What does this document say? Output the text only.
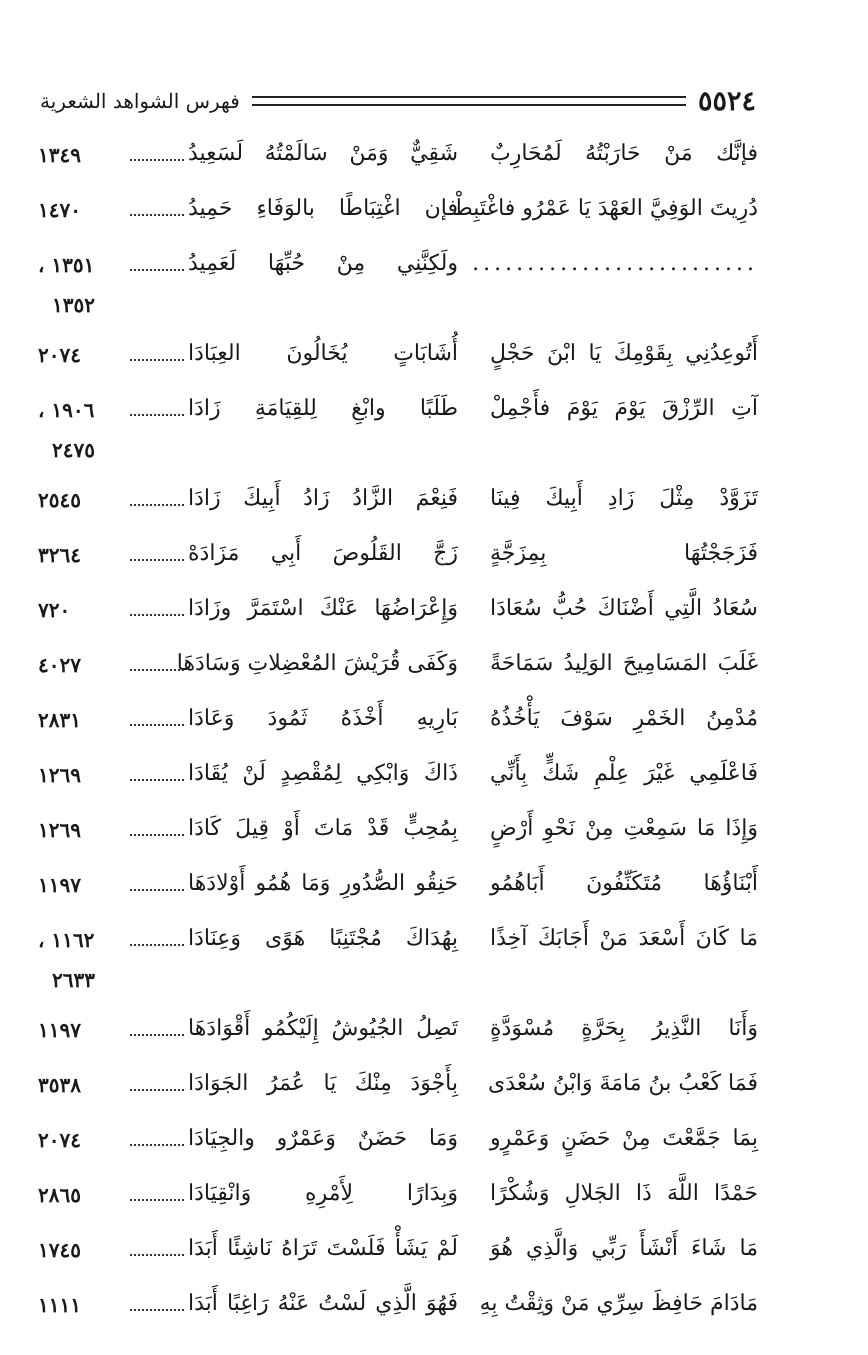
٥٥٢٤
فهرس الشواهد الشعرية
فإنَّك مَنْ حَارَبْتُهُ لَمُحَارِبٌ
شَقِيٌّ وَمَنْ سَالَمْتُهُ لَسَعِيدُ
١٣٤٩
دُرِيتَ الوَفِيَّ العَهْدَ يَا عَمْرُو فاغْتَبِطْ
فإن اغْتِبَاطًا بالوَفَاءِ حَمِيدُ
١٤٧٠
..........................
ولَكِنَّنِي مِنْ حُبِّهَا لَعَمِيدُ
١٣٥١ ،
١٣٥٢
أَتُوعِدُنِي بِقَوْمِكَ يَا ابْنَ حَجْلٍ
أُشَابَاتٍ يُخَالُونَ العِبَادَا
٢٠٧٤
آتِ الرِّزْقَ يَوْمَ يَوْمَ فأَجْمِلْ
طَلَبًا وابْغِ لِلقِيَامَةِ زَادَا
١٩٠٦ ،
٢٤٧٥
تَزَوَّدْ مِثْلَ زَادِ أَبِيكَ فِينَا
فَنِعْمَ الزَّادُ زَادُ أَبِيكَ زَادَا
٢٥٤٥
فَزَجَجْتُهَا بِمِزَجَّةٍ
زَجَّ القَلُوصَ أَبِي مَزَادَهْ
٣٢٦٤
سُعَادُ الَّتِي أَضْنَاكَ حُبُّ سُعَادَا
وَإِعْرَاضُهَا عَنْكَ اسْتَمَرَّ وزَادَا
٧٢٠
غَلَبَ المَسَامِيحَ الوَلِيدُ سَمَاحَةً
وَكَفَى قُرَيْشَ المُعْضِلاتِ وَسَادَهَا
٤٠٢٧
مُدْمِنُ الخَمْرِ سَوْفَ يَأْخُذُهُ
بَارِيهِ أَخْذَهُ ثَمُودَ وَعَادَا
٢٨٣١
فَاعْلَمِي غَيْرَ عِلْمِ شَكٍّ بِأَنِّي
ذَاكَ وَابْكِي لِمُقْصِدٍ لَنْ يُقَادَا
١٢٦٩
وَإِذَا مَا سَمِعْتِ مِنْ نَحْوِ أَرْضٍ
بِمُحِبٍّ قَدْ مَاتَ أَوْ قِيلَ كَادَا
١٢٦٩
أَبْنَاؤُهَا مُتَكَنِّفُونَ أَبَاهُمُو
حَنِقُو الصُّدُورِ وَمَا هُمُو أَوْلادَهَا
١١٩٧
مَا كَانَ أَسْعَدَ مَنْ أَجَابَكَ آخِذًا
بِهُدَاكَ مُجْتَنِبًا هَوًى وَعِنَادَا
١١٦٢ ،
٢٦٣٣
وَأَنَا النَّذِيرُ بِحَرَّةٍ مُسْوَدَّةٍ
تَصِلُ الجُيُوشُ إِلَيْكُمُو أَقْوَادَهَا
١١٩٧
فَمَا كَعْبُ بنُ مَامَةَ وَابْنُ سُعْدَى
بِأَجْوَدَ مِنْكَ يَا عُمَرُ الجَوَادَا
٣٥٣٨
بِمَا جَمَّعْتَ مِنْ حَضَنٍ وَعَمْرٍو
وَمَا حَضَنٌ وَعَمْرٌو والجِيَادَا
٢٠٧٤
حَمْدًا اللَّهَ ذَا الجَلالِ وَشُكْرًا
وَبِدَارًا لِأَمْرِهِ وَانْقِيَادَا
٢٨٦٥
مَا شَاءَ أَنْشَأَ رَبِّي وَالَّذِي هُوَ
لَمْ يَشَأْ فَلَسْتَ تَرَاهُ نَاشِئًا أَبَدَا
١٧٤٥
مَادَامَ حَافِظَ سِرِّي مَنْ وَثِقْتُ بِهِ
فَهُوَ الَّذِي لَسْتُ عَنْهُ رَاغِبًا أَبَدَا
١١١١
